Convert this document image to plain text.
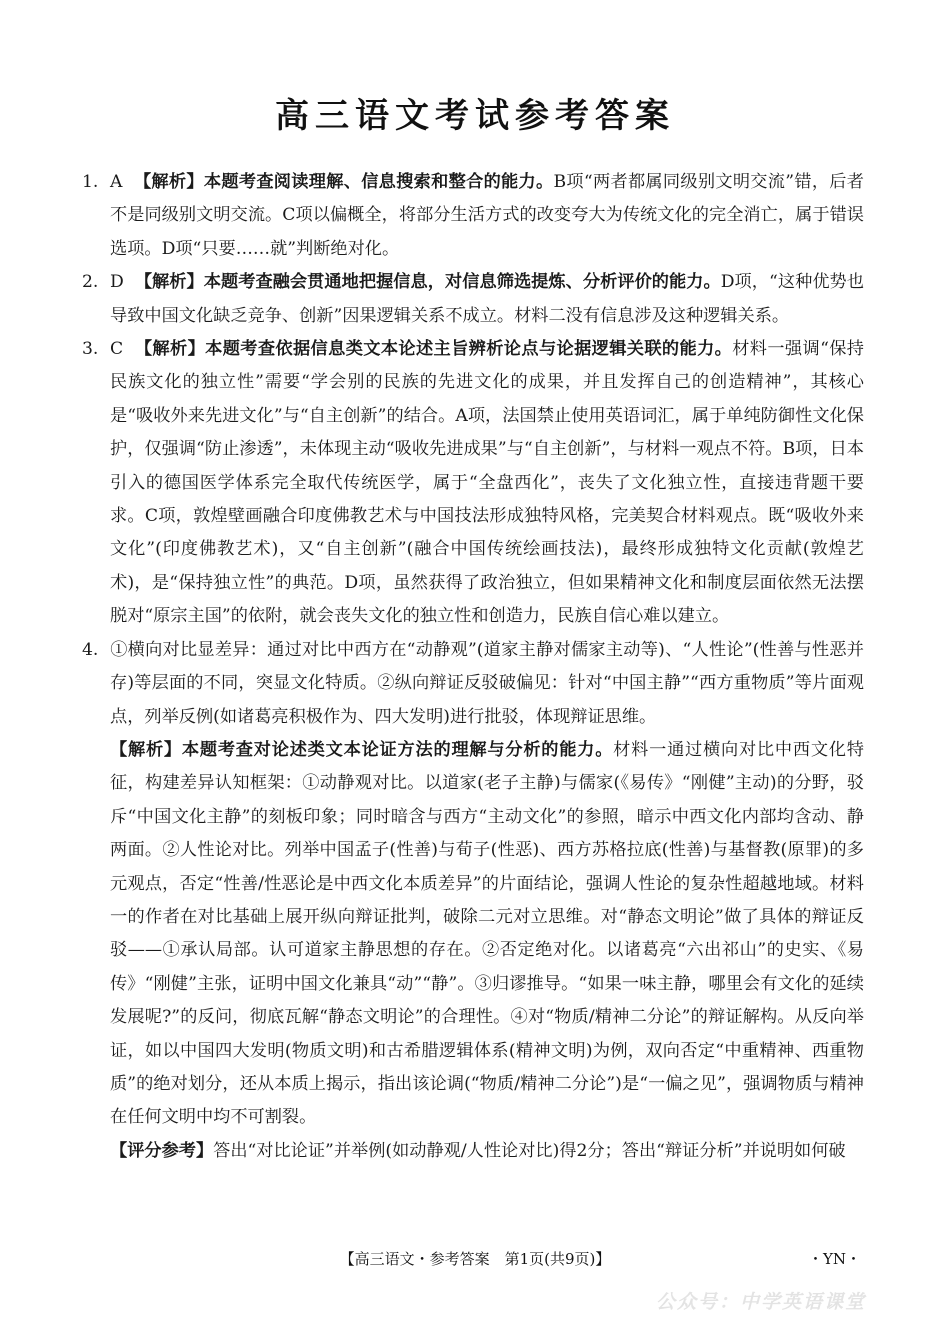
高三语文考试参考答案

1. A 【解析】本题考查阅读理解、信息搜索和整合的能力。B项“两者都属同级别文明交流”错，后者不是同级别文明交流。C项以偏概全，将部分生活方式的改变夸大为传统文化的完全消亡，属于错误选项。D项“只要……就”判断绝对化。

2. D 【解析】本题考查融会贯通地把握信息，对信息筛选提炼、分析评价的能力。D项，“这种优势也导致中国文化缺乏竞争、创新”因果逻辑关系不成立。材料二没有信息涉及这种逻辑关系。

3. C 【解析】本题考查依据信息类文本论述主旨辨析论点与论据逻辑关联的能力。材料一强调“保持民族文化的独立性”需要“学会别的民族的先进文化的成果，并且发挥自己的创造精神”，其核心是“吸收外来先进文化”与“自主创新”的结合。A项，法国禁止使用英语词汇，属于单纯防御性文化保护，仅强调“防止渗透”，未体现主动“吸收先进成果”与“自主创新”，与材料一观点不符。B项，日本引入的德国医学体系完全取代传统医学，属于“全盘西化”，丧失了文化独立性，直接违背题干要求。C项，敦煌壁画融合印度佛教艺术与中国技法形成独特风格，完美契合材料观点。既“吸收外来文化”(印度佛教艺术)，又“自主创新”(融合中国传统绘画技法)，最终形成独特文化贡献(敦煌艺术)，是“保持独立性”的典范。D项，虽然获得了政治独立，但如果精神文化和制度层面依然无法摆脱对“原宗主国”的依附，就会丧失文化的独立性和创造力，民族自信心难以建立。

4. ①横向对比显差异：通过对比中西方在“动静观”(道家主静对儒家主动等)、“人性论”(性善与性恶并存)等层面的不同，突显文化特质。②纵向辩证反驳破偏见：针对“中国主静”“西方重物质”等片面观点，列举反例(如诸葛亮积极作为、四大发明)进行批驳，体现辩证思维。

【解析】本题考查对论述类文本论证方法的理解与分析的能力。材料一通过横向对比中西文化特征，构建差异认知框架：①动静观对比。以道家(老子主静)与儒家(《易传》“刚健”主动)的分野，驳斥“中国文化主静”的刻板印象；同时暗含与西方“主动文化”的参照，暗示中西文化内部均含动、静两面。②人性论对比。列举中国孟子(性善)与荀子(性恶)、西方苏格拉底(性善)与基督教(原罪)的多元观点，否定“性善/性恶论是中西文化本质差异”的片面结论，强调人性论的复杂性超越地域。材料一的作者在对比基础上展开纵向辩证批判，破除二元对立思维。对“静态文明论”做了具体的辩证反驳——①承认局部。认可道家主静思想的存在。②否定绝对化。以诸葛亮“六出祁山”的史实、《易传》“刚健”主张，证明中国文化兼具“动”“静”。③归谬推导。“如果一味主静，哪里会有文化的延续发展呢?”的反问，彻底瓦解“静态文明论”的合理性。④对“物质/精神二分论”的辩证解构。从反向举证，如以中国四大发明(物质文明)和古希腊逻辑体系(精神文明)为例，双向否定“中重精神、西重物质”的绝对划分，还从本质上揭示，指出该论调(“物质/精神二分论”)是“一偏之见”，强调物质与精神在任何文明中均不可割裂。

【评分参考】答出“对比论证”并举例(如动静观/人性论对比)得2分；答出“辩证分析”并说明如何破

【高三语文・参考答案　第1页(共9页)】	・YN・
公众号：中学英语课堂
